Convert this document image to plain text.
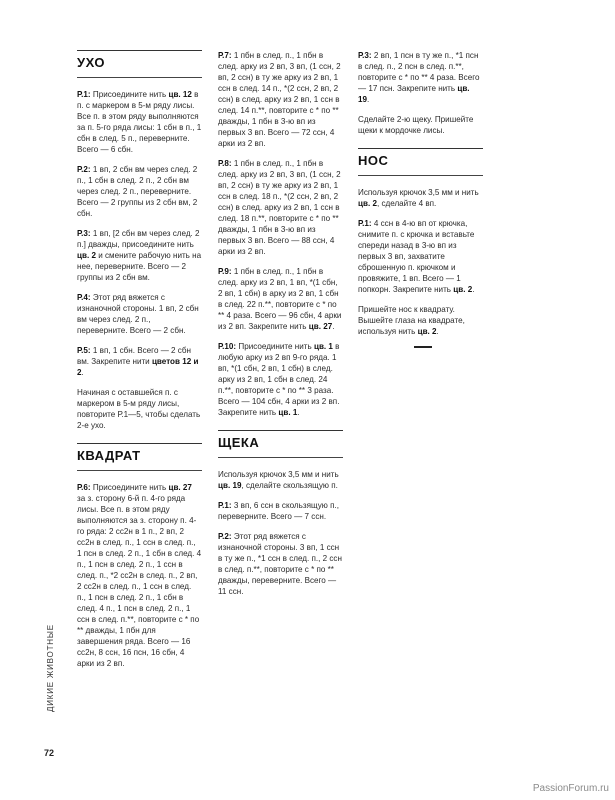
УХО
Р.1: Присоедините нить цв. 12 в п. с маркером в 5-м ряду лисы. Все п. в этом ряду выполняются за п. 5-го ряда лисы: 1 сбн в п., 1 сбн в след. 5 п., переверните. Всего — 6 сбн.
Р.2: 1 вп, 2 сбн вм через след. 2 п., 1 сбн в след. 2 п., 2 сбн вм через след. 2 п., переверните. Всего — 2 группы из 2 сбн вм, 2 сбн.
Р.3: 1 вп, [2 сбн вм через след. 2 п.] дважды, присоедините нить цв. 2 и смените рабочую нить на нее, переверните. Всего — 2 группы из 2 сбн вм.
Р.4: Этот ряд вяжется с изнаночной стороны. 1 вп, 2 сбн вм через след. 2 п., переверните. Всего — 2 сбн.
Р.5: 1 вп, 1 сбн. Всего — 2 сбн вм. Закрепите нити цветов 12 и 2.
Начиная с оставшейся п. с маркером в 5-м ряду лисы, повторите Р.1—5, чтобы сделать 2-е ухо.
КВАДРАТ
Р.6: Присоедините нить цв. 27 за з. сторону 6-й п. 4-го ряда лисы. Все п. в этом ряду выполняются за з. сторону п. 4-го ряда: 2 сс2н в 1 п., 2 вп, 2 сс2н в след. п., 1 ссн в след. п., 1 псн в след. 2 п., 1 сбн в след. 4 п., 1 псн в след. 2 п., 1 ссн в след. п., *2 сс2н в след. п., 2 вп, 2 сс2н в след. п., 1 ссн в след. п., 1 псн в след. 2 п., 1 сбн в след. 4 п., 1 псн в след. 2 п., 1 ссн в след. п.**, повторите с * по ** дважды, 1 пбн для завершения ряда. Всего — 16 сс2н, 8 ссн, 16 псн, 16 сбн, 4 арки из 2 вп.
Р.7: 1 пбн в след. п., 1 пбн в след. арку из 2 вп, 3 вп, (1 ссн, 2 вп, 2 ссн) в ту же арку из 2 вп, 1 ссн в след. 14 п., *(2 ссн, 2 вп, 2 ссн) в след. арку из 2 вп, 1 ссн в след. 14 п.**, повторите с * по ** дважды, 1 пбн в 3-ю вп из первых 3 вп. Всего — 72 ссн, 4 арки из 2 вп.
Р.8: 1 пбн в след. п., 1 пбн в след. арку из 2 вп, 3 вп, (1 ссн, 2 вп, 2 ссн) в ту же арку из 2 вп, 1 ссн в след. 18 п., *(2 ссн, 2 вп, 2 ссн) в след. арку из 2 вп, 1 ссн в след. 18 п.**, повторите с * по ** дважды, 1 пбн в 3-ю вп из первых 3 вп. Всего — 88 ссн, 4 арки из 2 вп.
Р.9: 1 пбн в след. п., 1 пбн в след. арку из 2 вп, 1 вп, *(1 сбн, 2 вп, 1 сбн) в арку из 2 вп, 1 сбн в след. 22 п.**, повторите с * по ** 4 раза. Всего — 96 сбн, 4 арки из 2 вп. Закрепите нить цв. 27.
Р.10: Присоедините нить цв. 1 в любую арку из 2 вп 9-го ряда. 1 вп, *(1 сбн, 2 вп, 1 сбн) в след. арку из 2 вп, 1 сбн в след. 24 п.**, повторите с * по ** 3 раза. Всего — 104 сбн, 4 арки из 2 вп. Закрепите нить цв. 1.
ЩЕКА
Используя крючок 3,5 мм и нить цв. 19, сделайте скользящую п.
Р.1: 3 вп, 6 ссн в скользящую п., переверните. Всего — 7 ссн.
Р.2: Этот ряд вяжется с изнаночной стороны. 3 вп, 1 ссн в ту же п., *1 ссн в след. п., 2 ссн в след. п.**, повторите с * по ** дважды, переверните. Всего — 11 ссн.
Р.3: 2 вп, 1 псн в ту же п., *1 псн в след. п., 2 псн в след. п.**, повторите с * по ** 4 раза. Всего — 17 псн. Закрепите нить цв. 19.
Сделайте 2-ю щеку. Пришейте щеки к мордочке лисы.
НОС
Используя крючок 3,5 мм и нить цв. 2, сделайте 4 вп.
Р.1: 4 ссн в 4-ю вп от крючка, снимите п. с крючка и вставьте спереди назад в 3-ю вп из первых 3 вп, захватите сброшенную п. крючком и провяжите, 1 вп. Всего — 1 попкорн. Закрепите нить цв. 2.
Пришейте нос к квадрату. Вышейте глаза на квадрате, используя нить цв. 2.
ДИКИЕ ЖИВОТНЫЕ
72
PassionForum.ru
